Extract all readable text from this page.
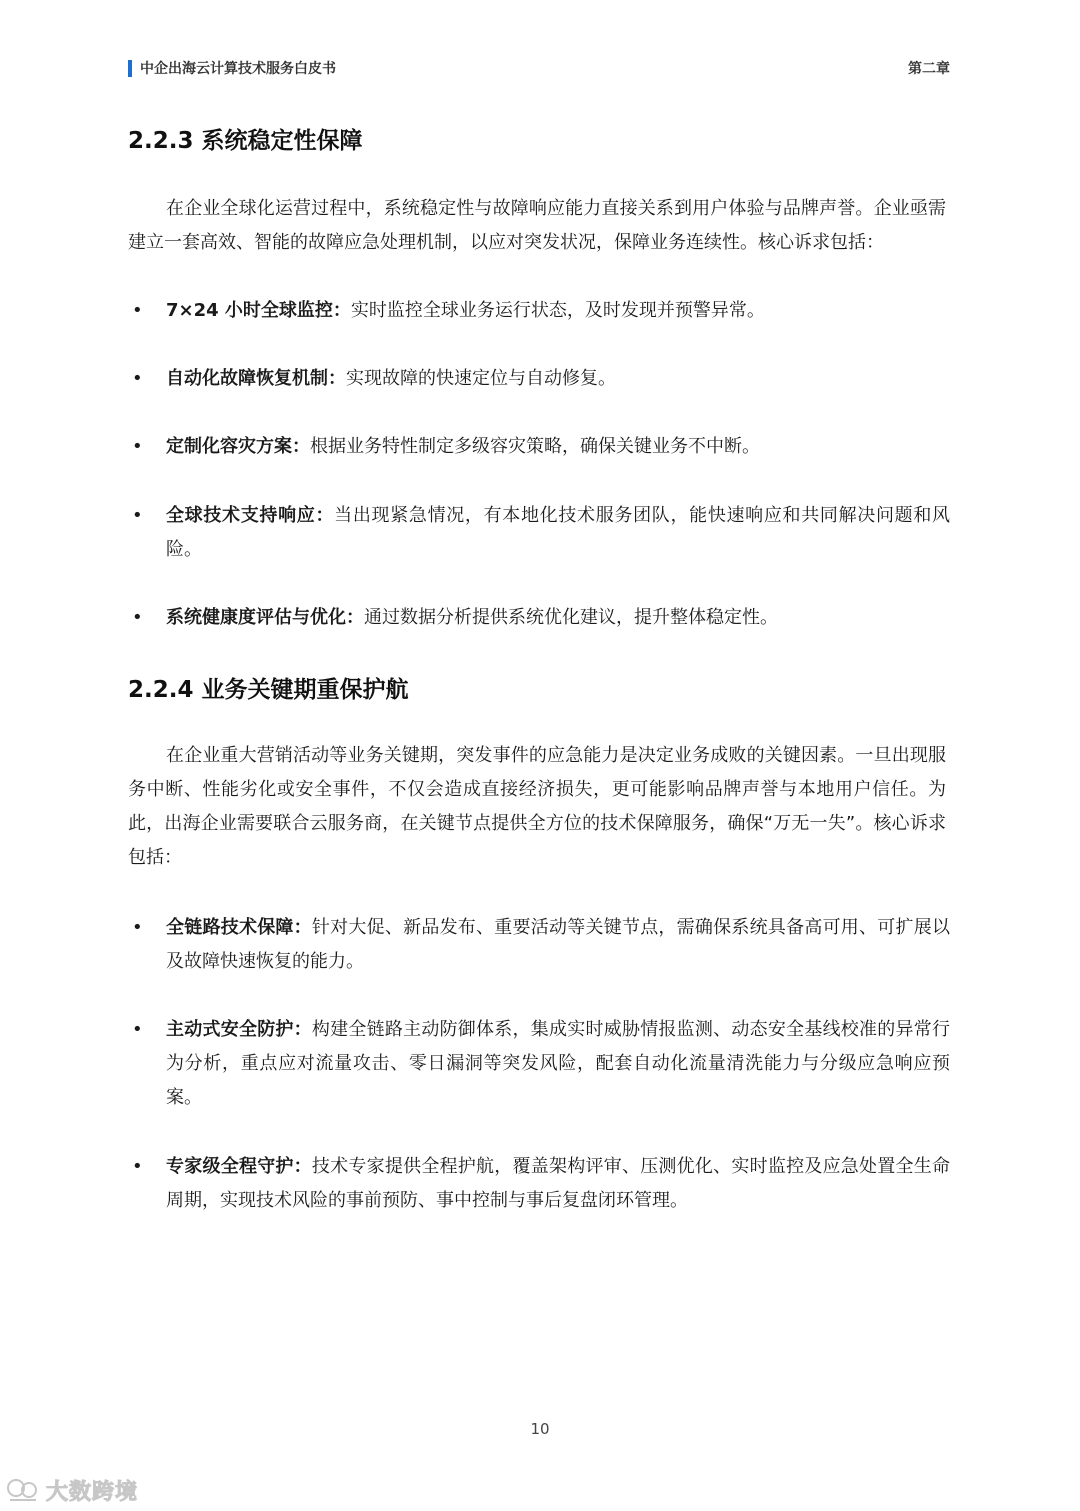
中企出海云计算技术服务白皮书	第二章
2.2.3 系统稳定性保障

在企业全球化运营过程中，系统稳定性与故障响应能力直接关系到用户体验与品牌声誉。企业亟需建立一套高效、智能的故障应急处理机制，以应对突发状况，保障业务连续性。核心诉求包括：

• 7×24 小时全球监控：实时监控全球业务运行状态，及时发现并预警异常。
• 自动化故障恢复机制：实现故障的快速定位与自动修复。
• 定制化容灾方案：根据业务特性制定多级容灾策略，确保关键业务不中断。
• 全球技术支持响应：当出现紧急情况，有本地化技术服务团队，能快速响应和共同解决问题和风险。
• 系统健康度评估与优化：通过数据分析提供系统优化建议，提升整体稳定性。
2.2.4 业务关键期重保护航

在企业重大营销活动等业务关键期，突发事件的应急能力是决定业务成败的关键因素。一旦出现服务中断、性能劣化或安全事件，不仅会造成直接经济损失，更可能影响品牌声誉与本地用户信任。为此，出海企业需要联合云服务商，在关键节点提供全方位的技术保障服务，确保“万无一失”。核心诉求包括：

• 全链路技术保障：针对大促、新品发布、重要活动等关键节点，需确保系统具备高可用、可扩展以及故障快速恢复的能力。
• 主动式安全防护：构建全链路主动防御体系，集成实时威胁情报监测、动态安全基线校准的异常行为分析，重点应对流量攻击、零日漏洞等突发风险，配套自动化流量清洗能力与分级应急响应预案。
• 专家级全程守护：技术专家提供全程护航，覆盖架构评审、压测优化、实时监控及应急处置全生命周期，实现技术风险的事前预防、事中控制与事后复盘闭环管理。
10
大数跨境
